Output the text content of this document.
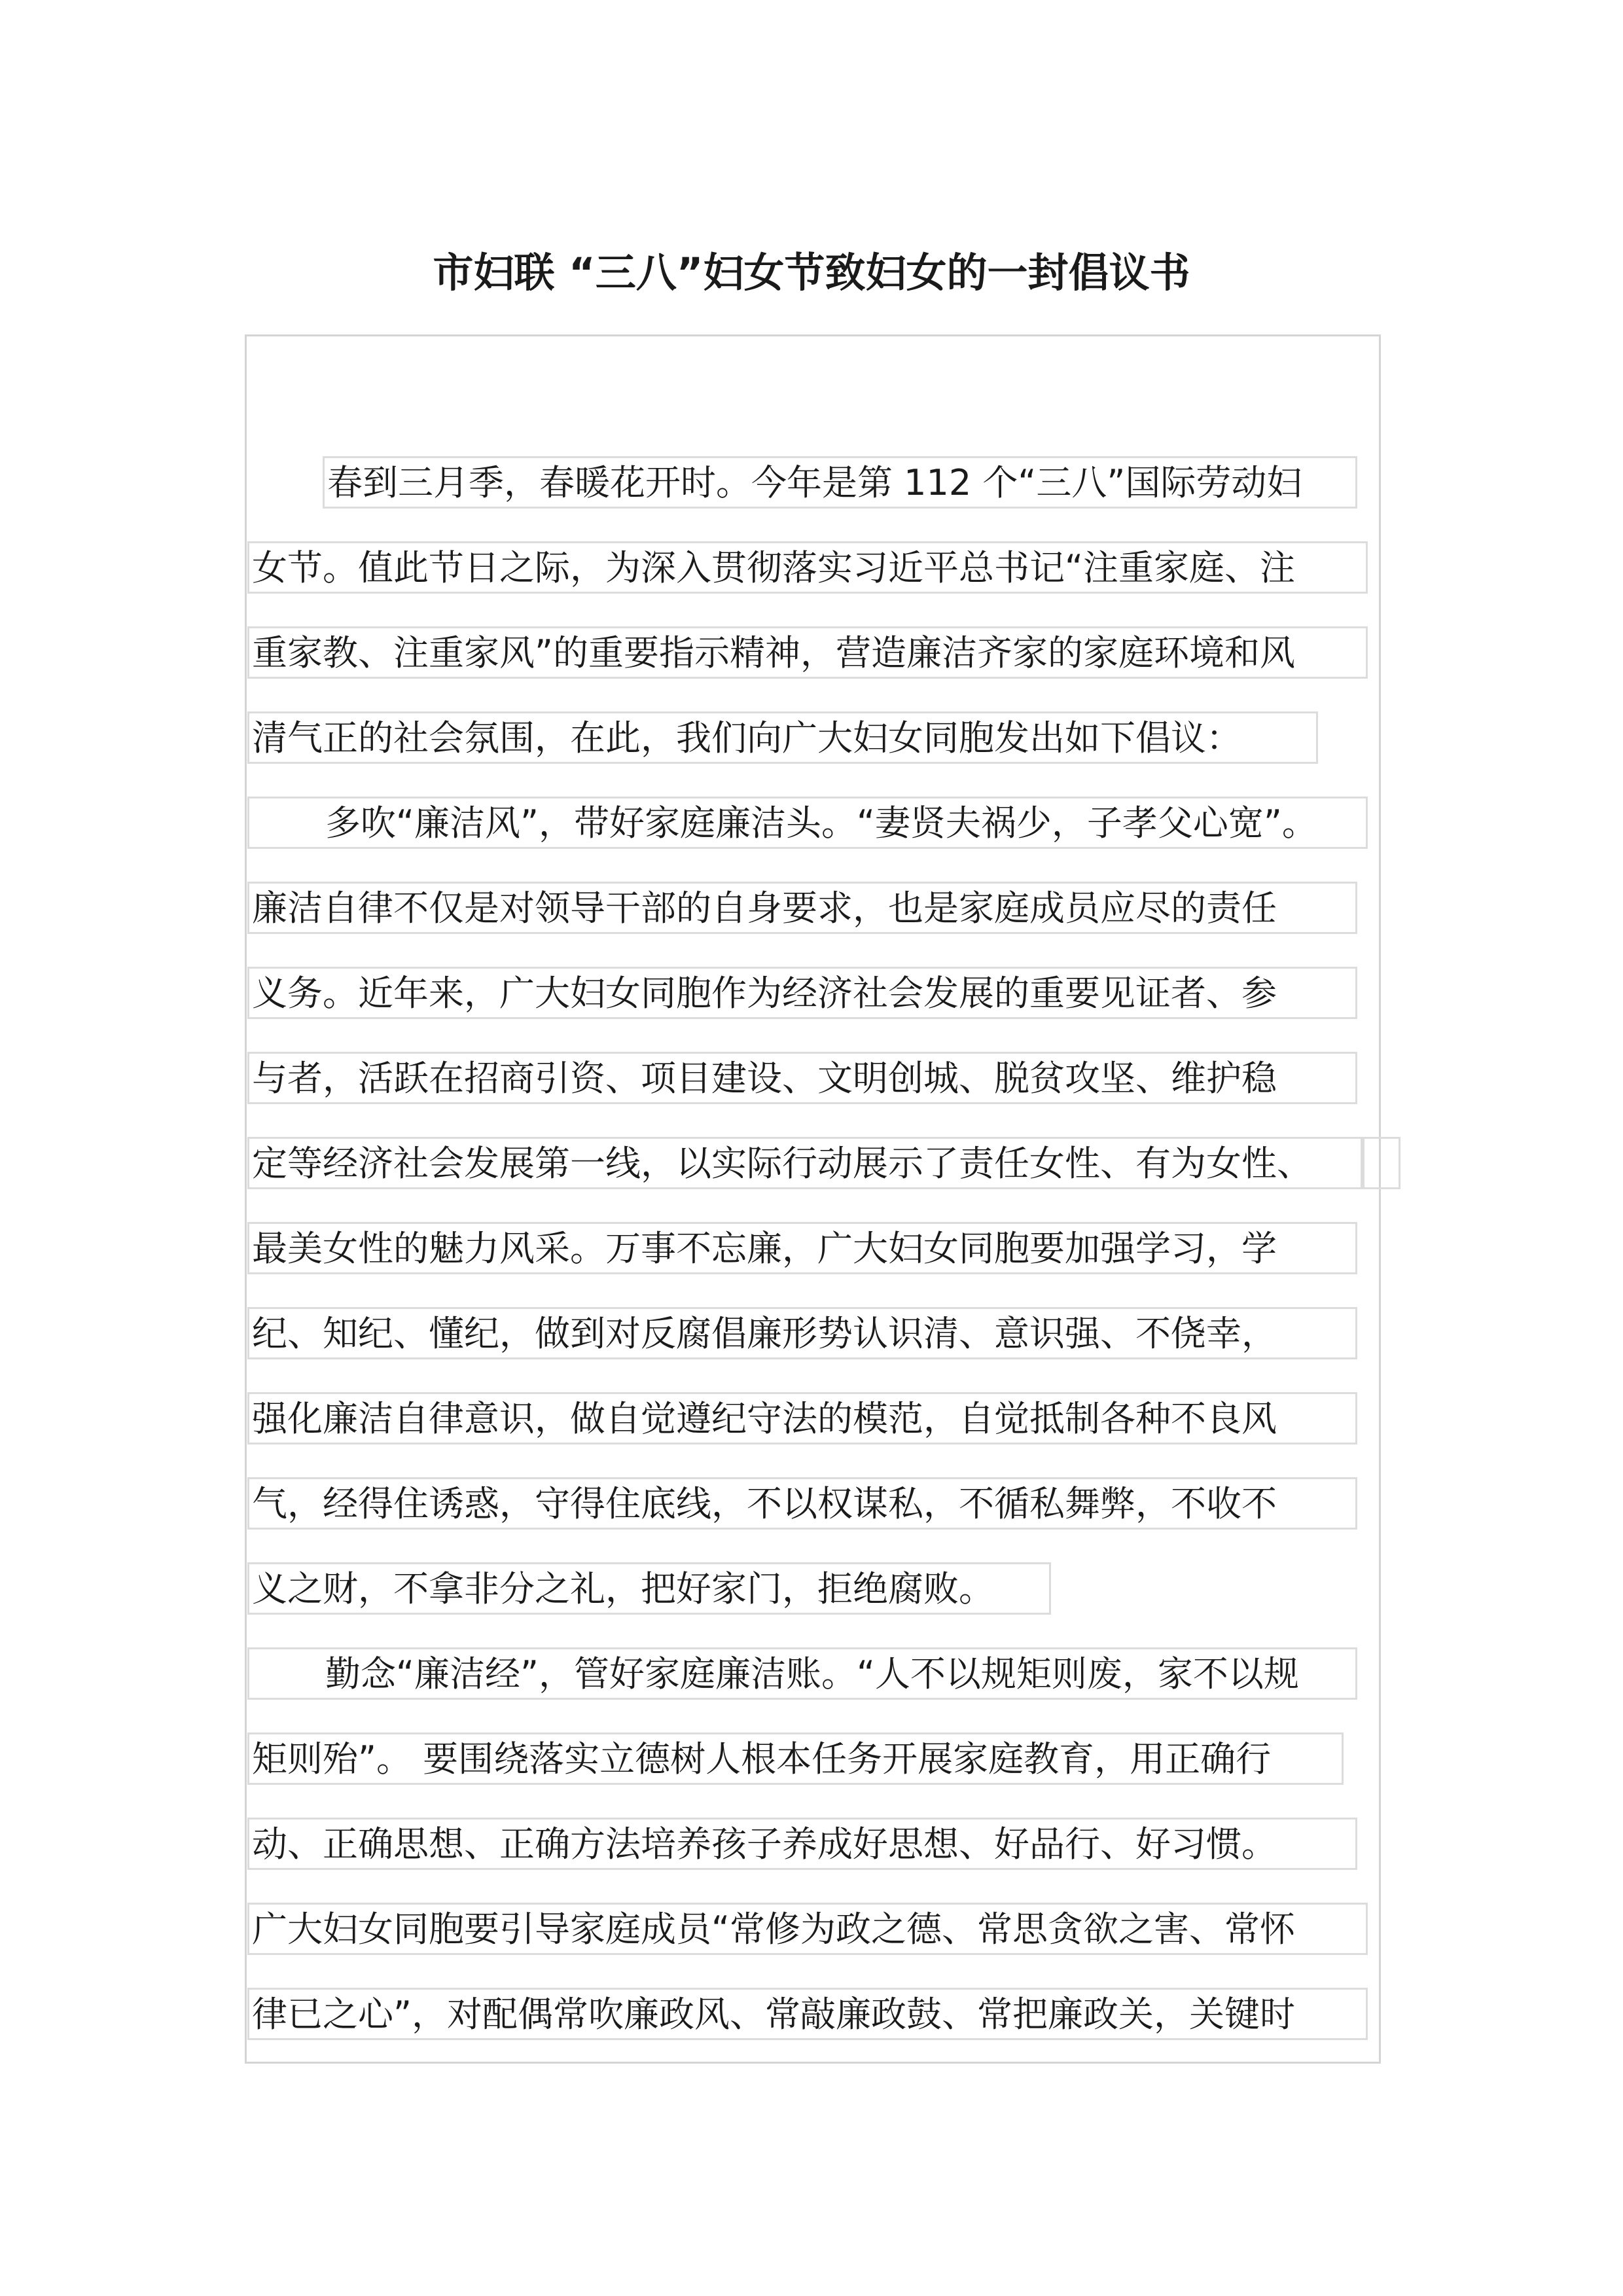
市妇联 “三八”妇女节致妇女的一封倡议书
春到三月季，春暖花开时。今年是第 112 个“三八”国际劳动妇
女节。值此节日之际，为深入贯彻落实习近平总书记“注重家庭、注
重家教、注重家风”的重要指示精神，营造廉洁齐家的家庭环境和风
清气正的社会氛围，在此，我们向广大妇女同胞发出如下倡议：
多吹“廉洁风”，带好家庭廉洁头。“妻贤夫祸少，子孝父心宽”。
廉洁自律不仅是对领导干部的自身要求，也是家庭成员应尽的责任
义务。近年来，广大妇女同胞作为经济社会发展的重要见证者、参
与者，活跃在招商引资、项目建设、文明创城、脱贫攻坚、维护稳
定等经济社会发展第一线，以实际行动展示了责任女性、有为女性、
最美女性的魅力风采。万事不忘廉，广大妇女同胞要加强学习，学
纪、知纪、懂纪，做到对反腐倡廉形势认识清、意识强、不侥幸，
强化廉洁自律意识，做自觉遵纪守法的模范，自觉抵制各种不良风
气，经得住诱惑，守得住底线，不以权谋私，不循私舞弊，不收不
义之财，不拿非分之礼，把好家门，拒绝腐败。
勤念“廉洁经”，管好家庭廉洁账。“人不以规矩则废，家不以规
矩则殆”。 要围绕落实立德树人根本任务开展家庭教育，用正确行
动、正确思想、正确方法培养孩子养成好思想、好品行、好习惯。
广大妇女同胞要引导家庭成员“常修为政之德、常思贪欲之害、常怀
律已之心”，对配偶常吹廉政风、常敲廉政鼓、常把廉政关，关键时
